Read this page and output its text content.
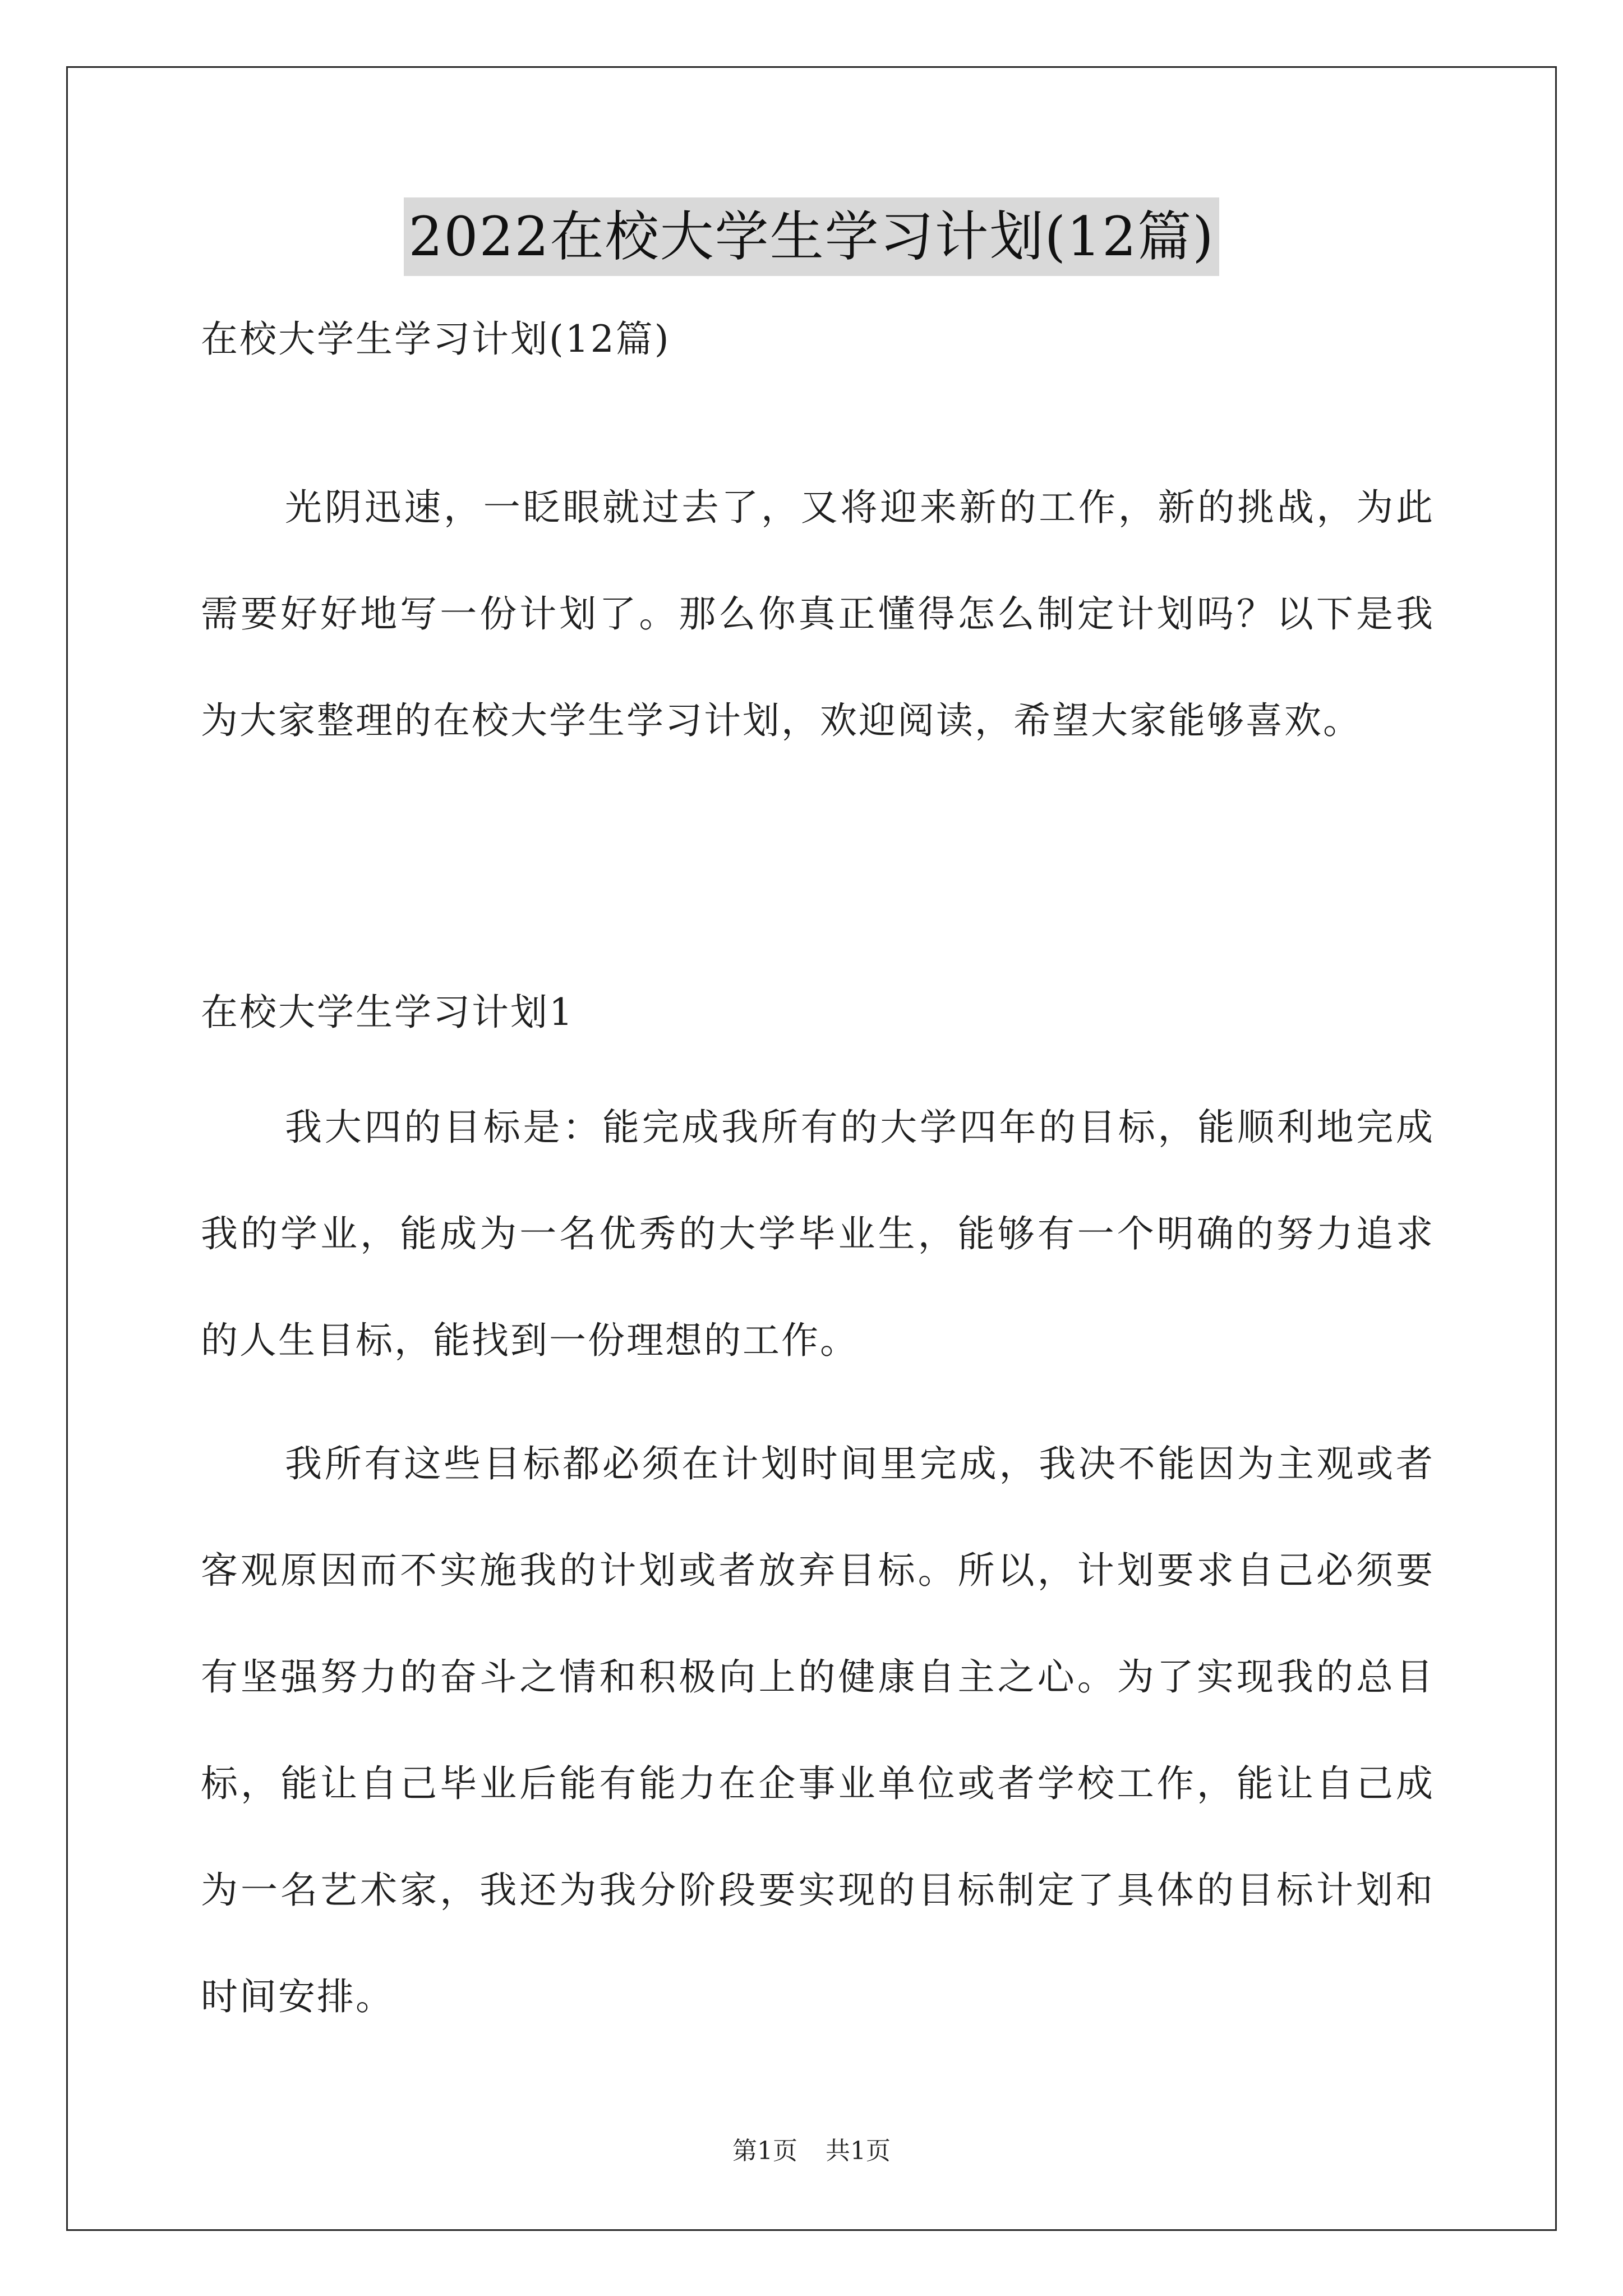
2022在校大学生学习计划(12篇)
在校大学生学习计划(12篇)
光阴迅速，一眨眼就过去了，又将迎来新的工作，新的挑战，为此需要好好地写一份计划了。那么你真正懂得怎么制定计划吗？以下是我为大家整理的在校大学生学习计划，欢迎阅读，希望大家能够喜欢。
在校大学生学习计划1
我大四的目标是：能完成我所有的大学四年的目标，能顺利地完成我的学业，能成为一名优秀的大学毕业生，能够有一个明确的努力追求的人生目标，能找到一份理想的工作。
我所有这些目标都必须在计划时间里完成，我决不能因为主观或者客观原因而不实施我的计划或者放弃目标。所以，计划要求自己必须要有坚强努力的奋斗之情和积极向上的健康自主之心。为了实现我的总目标，能让自己毕业后能有能力在企事业单位或者学校工作，能让自己成为一名艺术家，我还为我分阶段要实现的目标制定了具体的目标计划和时间安排。
第1页 共1页
